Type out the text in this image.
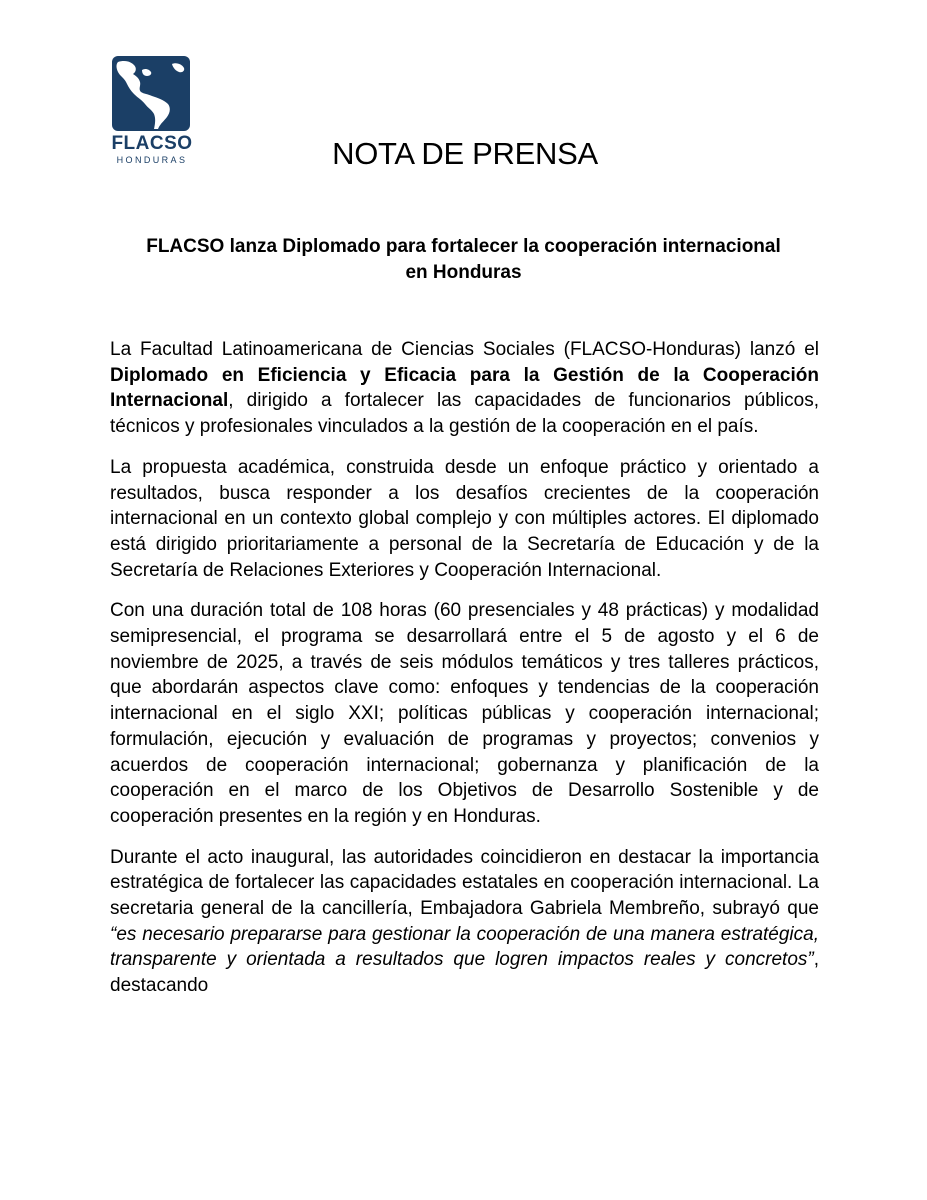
FLACSO
HONDURAS	NOTA DE PRENSA
FLACSO lanza Diplomado para fortalecer la cooperación internacional
en Honduras

La Facultad Latinoamericana de Ciencias Sociales (FLACSO-Honduras) lanzó el Diplomado en Eficiencia y Eficacia para la Gestión de la Cooperación Internacional, dirigido a fortalecer las capacidades de funcionarios públicos, técnicos y profesionales vinculados a la gestión de la cooperación en el país.

La propuesta académica, construida desde un enfoque práctico y orientado a resultados, busca responder a los desafíos crecientes de la cooperación internacional en un contexto global complejo y con múltiples actores. El diplomado está dirigido prioritariamente a personal de la Secretaría de Educación y de la Secretaría de Relaciones Exteriores y Cooperación Internacional.

Con una duración total de 108 horas (60 presenciales y 48 prácticas) y modalidad semipresencial, el programa se desarrollará entre el 5 de agosto y el 6 de noviembre de 2025, a través de seis módulos temáticos y tres talleres prácticos, que abordarán aspectos clave como: enfoques y tendencias de la cooperación internacional en el siglo XXI; políticas públicas y cooperación internacional; formulación, ejecución y evaluación de programas y proyectos; convenios y acuerdos de cooperación internacional; gobernanza y planificación de la cooperación en el marco de los Objetivos de Desarrollo Sostenible y de cooperación presentes en la región y en Honduras.

Durante el acto inaugural, las autoridades coincidieron en destacar la importancia estratégica de fortalecer las capacidades estatales en cooperación internacional. La secretaria general de la cancillería, Embajadora Gabriela Membreño, subrayó que “es necesario prepararse para gestionar la cooperación de una manera estratégica, transparente y orientada a resultados que logren impactos reales y concretos”, destacando
